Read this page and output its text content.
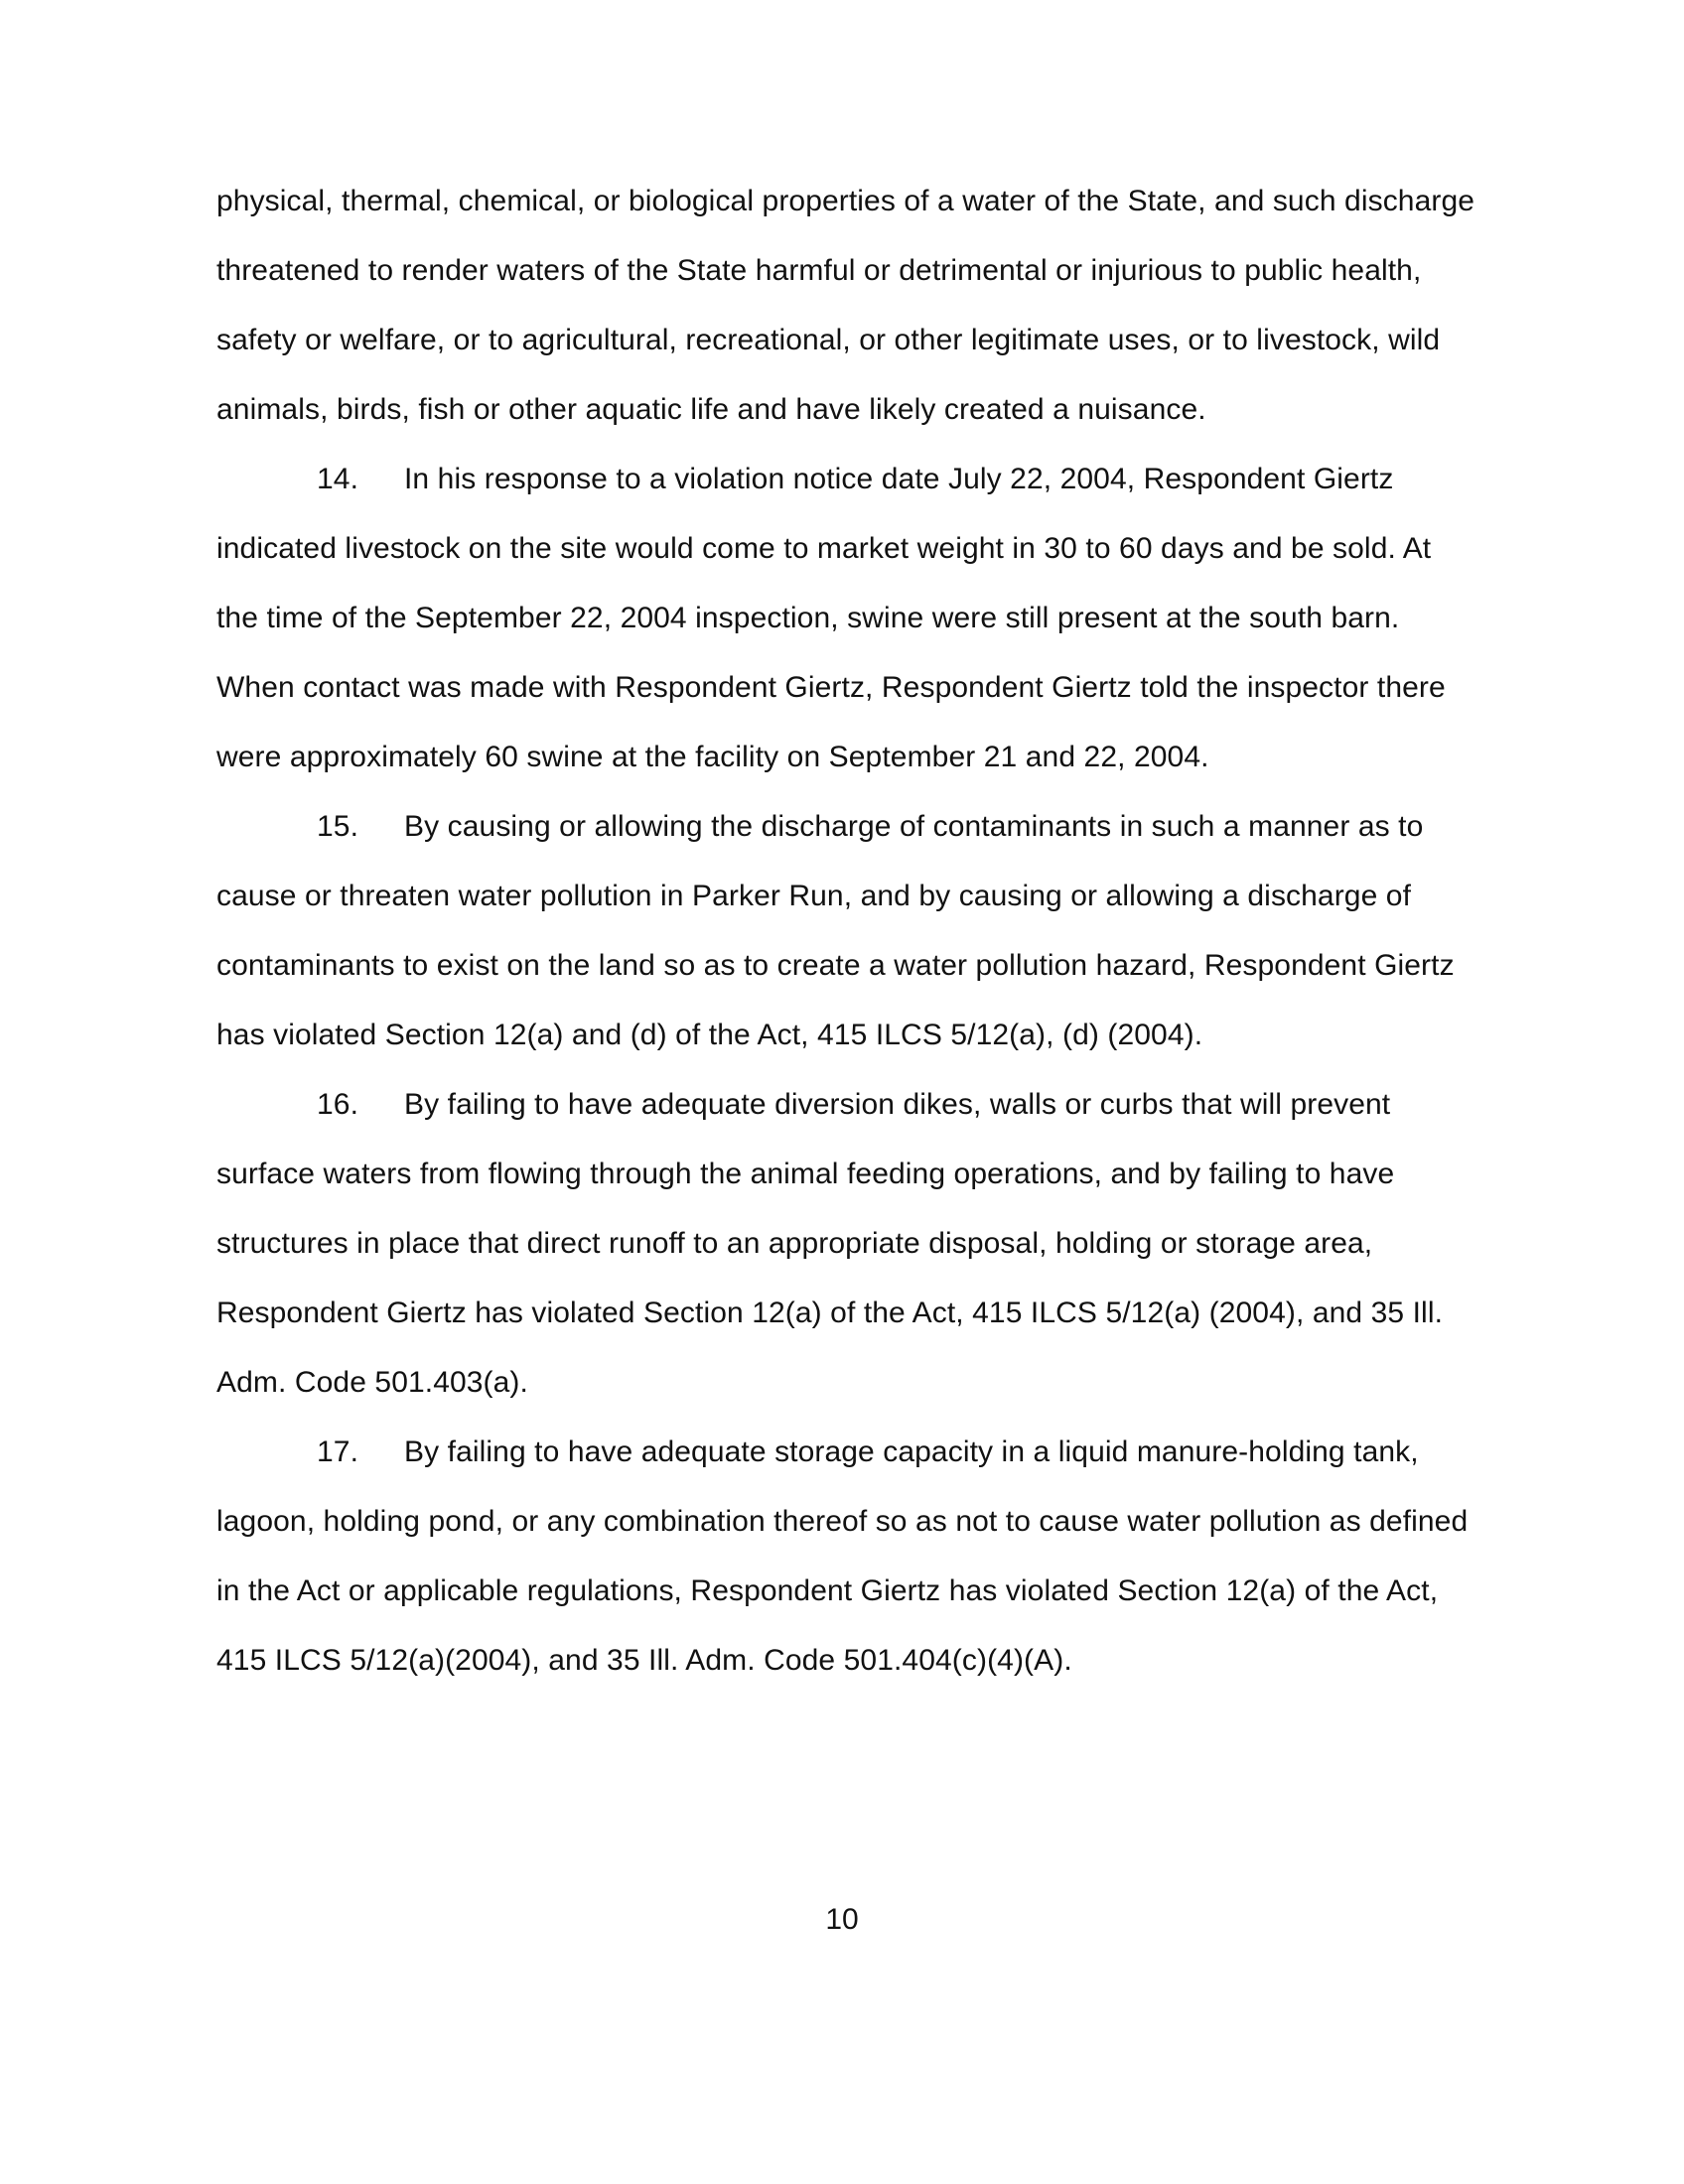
physical, thermal, chemical, or biological properties of a water of the State, and such discharge
threatened to render waters of the State harmful or detrimental or injurious to public health,
safety or welfare, or to agricultural, recreational, or other legitimate uses, or to livestock, wild
animals, birds, fish or other aquatic life and have likely created a nuisance.
14. In his response to a violation notice date July 22, 2004, Respondent Giertz
indicated livestock on the site would come to market weight in 30 to 60 days and be sold. At
the time of the September 22, 2004 inspection, swine were still present at the south barn.
When contact was made with Respondent Giertz, Respondent Giertz told the inspector there
were approximately 60 swine at the facility on September 21 and 22, 2004.
15. By causing or allowing the discharge of contaminants in such a manner as to
cause or threaten water pollution in Parker Run, and by causing or allowing a discharge of
contaminants to exist on the land so as to create a water pollution hazard, Respondent Giertz
has violated Section 12(a) and (d) of the Act, 415 ILCS 5/12(a), (d) (2004).
16. By failing to have adequate diversion dikes, walls or curbs that will prevent
surface waters from flowing through the animal feeding operations, and by failing to have
structures in place that direct runoff to an appropriate disposal, holding or storage area,
Respondent Giertz has violated Section 12(a) of the Act, 415 ILCS 5/12(a) (2004), and 35 Ill.
Adm. Code 501.403(a).
17. By failing to have adequate storage capacity in a liquid manure-holding tank,
lagoon, holding pond, or any combination thereof so as not to cause water pollution as defined
in the Act or applicable regulations, Respondent Giertz has violated Section 12(a) of the Act,
415 ILCS 5/12(a)(2004), and 35 Ill. Adm. Code 501.404(c)(4)(A).
10
